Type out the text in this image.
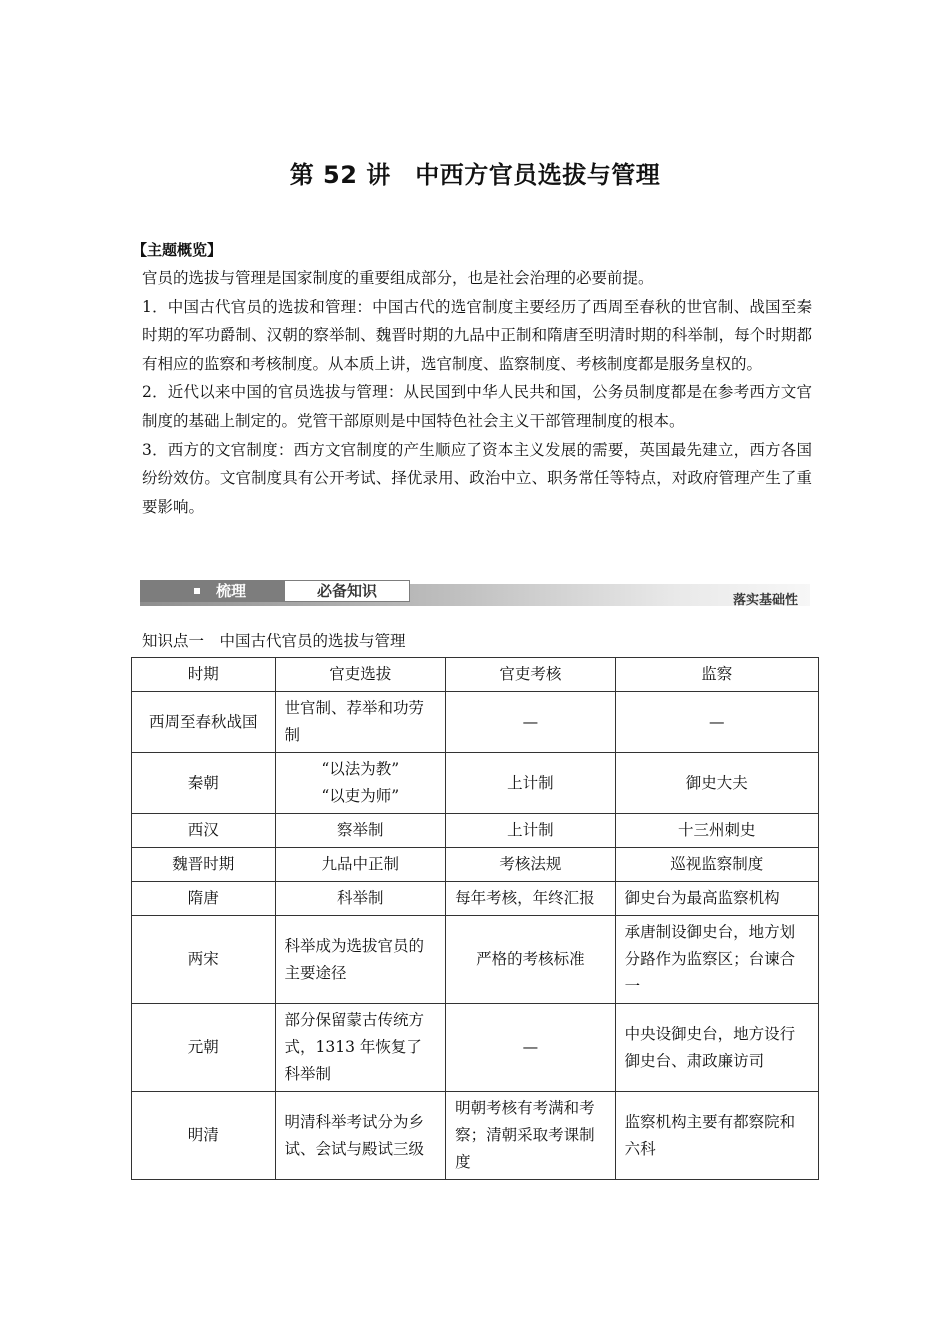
第 52 讲　中西方官员选拔与管理
【主题概览】

官员的选拔与管理是国家制度的重要组成部分，也是社会治理的必要前提。

1．中国古代官员的选拔和管理：中国古代的选官制度主要经历了西周至春秋的世官制、战国至秦时期的军功爵制、汉朝的察举制、魏晋时期的九品中正制和隋唐至明清时期的科举制，每个时期都有相应的监察和考核制度。从本质上讲，选官制度、监察制度、考核制度都是服务皇权的。

2．近代以来中国的官员选拔与管理：从民国到中华人民共和国，公务员制度都是在参考西方文官制度的基础上制定的。党管干部原则是中国特色社会主义干部管理制度的根本。

3．西方的文官制度：西方文官制度的产生顺应了资本主义发展的需要，英国最先建立，西方各国纷纷效仿。文官制度具有公开考试、择优录用、政治中立、职务常任等特点，对政府管理产生了重要影响。

梳理	必备知识
落实基础性
知识点一　中国古代官员的选拔与管理
时期	官吏选拔	官吏考核	监察
西周至春秋战国	世官制、荐举和功劳制	—	—
秦朝	“以法为教”
“以吏为师”	上计制	御史大夫
西汉	察举制	上计制	十三州刺史
魏晋时期	九品中正制	考核法规	巡视监察制度
隋唐	科举制	每年考核，年终汇报	御史台为最高监察机构
两宋	科举成为选拔官员的主要途径	严格的考核标准	承唐制设御史台，地方划分路作为监察区；台谏合一
元朝	部分保留蒙古传统方式，1313 年恢复了科举制	—	中央设御史台，地方设行御史台、肃政廉访司
明清	明清科举考试分为乡试、会试与殿试三级	明朝考核有考满和考察；清朝采取考课制度	监察机构主要有都察院和六科
